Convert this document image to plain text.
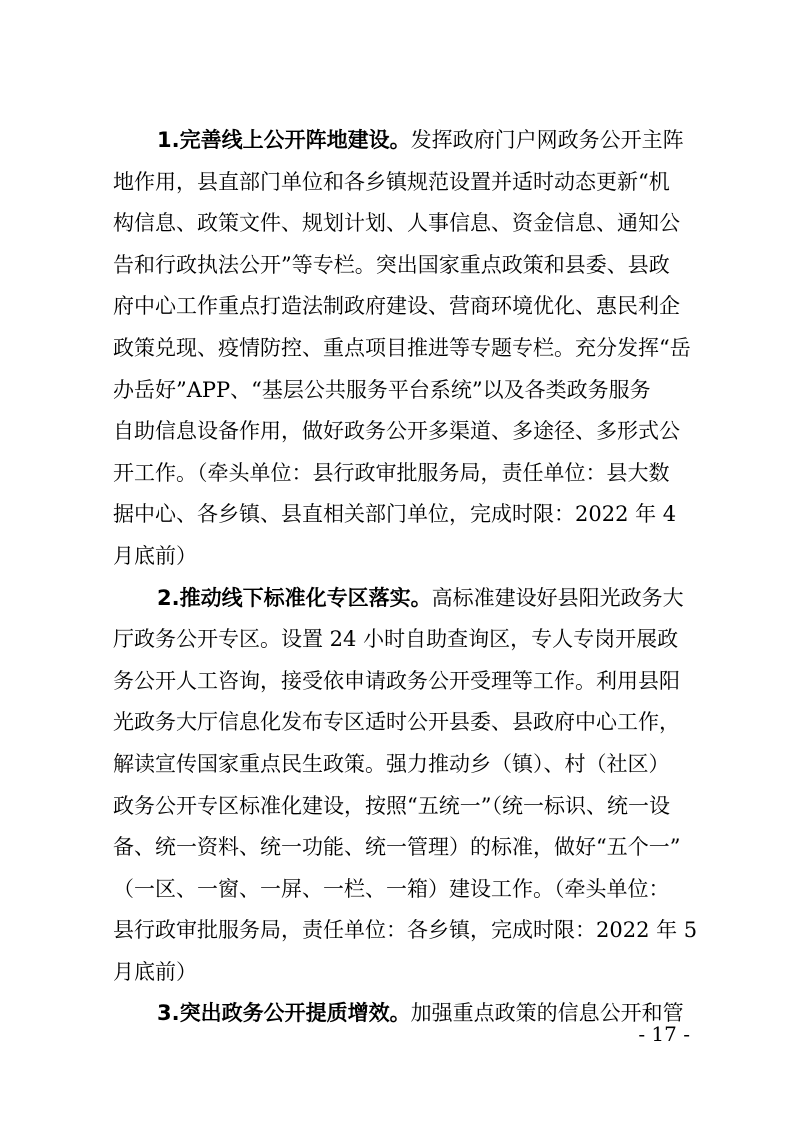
1.完善线上公开阵地建设。发挥政府门户网政务公开主阵
地作用，县直部门单位和各乡镇规范设置并适时动态更新“机
构信息、政策文件、规划计划、人事信息、资金信息、通知公
告和行政执法公开”等专栏。突出国家重点政策和县委、县政
府中心工作重点打造法制政府建设、营商环境优化、惠民利企
政策兑现、疫情防控、重点项目推进等专题专栏。充分发挥“岳
办岳好”APP、“基层公共服务平台系统”以及各类政务服务
自助信息设备作用，做好政务公开多渠道、多途径、多形式公
开工作。（牵头单位：县行政审批服务局，责任单位：县大数
据中心、各乡镇、县直相关部门单位，完成时限：2022 年 4
月底前）
2.推动线下标准化专区落实。高标准建设好县阳光政务大
厅政务公开专区。设置 24 小时自助查询区，专人专岗开展政
务公开人工咨询，接受依申请政务公开受理等工作。利用县阳
光政务大厅信息化发布专区适时公开县委、县政府中心工作，
解读宣传国家重点民生政策。强力推动乡（镇）、村（社区）
政务公开专区标准化建设，按照“五统一”（统一标识、统一设
备、统一资料、统一功能、统一管理）的标准，做好“五个一”
（一区、一窗、一屏、一栏、一箱）建设工作。（牵头单位：
县行政审批服务局，责任单位：各乡镇，完成时限：2022 年 5
月底前）
3.突出政务公开提质增效。加强重点政策的信息公开和管
- 17 -
